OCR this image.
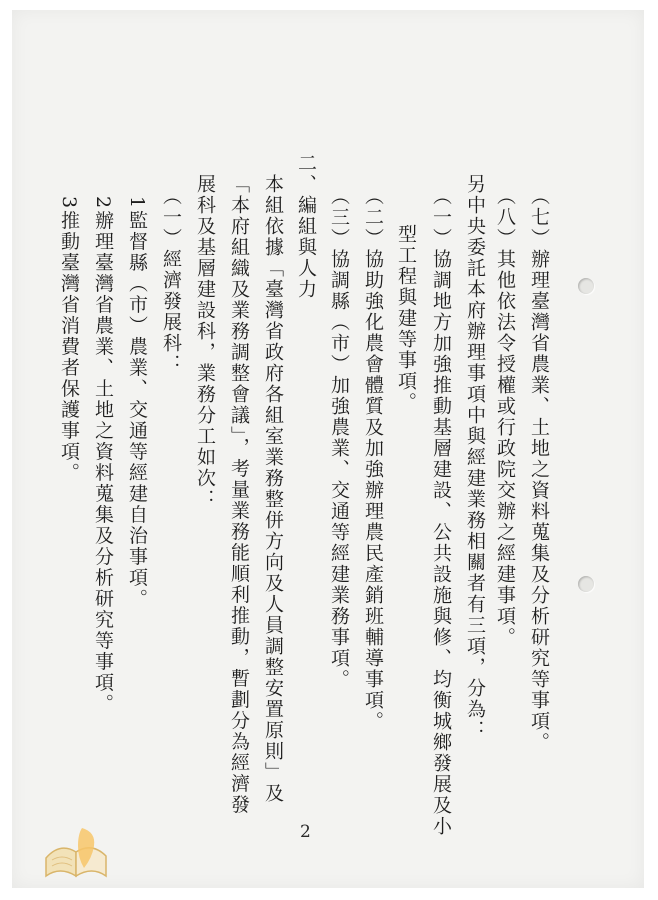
（七）辦理臺灣省農業、土地之資料蒐集及分析研究等事項。
（八）其他依法令授權或行政院交辦之經建事項。
另中央委託本府辦理事項中與經建業務相關者有三項，分為：
（一）協調地方加強推動基層建設、公共設施與修、均衡城鄉發展及小
型工程與建等事項。
（二）協助強化農會體質及加強辦理農民產銷班輔導事項。
（三）協調縣（市）加強農業、交通等經建業務事項。
二、編組與人力
本組依據「臺灣省政府各組室業務整併方向及人員調整安置原則」及
「本府組織及業務調整會議」，考量業務能順利推動，暫劃分為經濟發
展科及基層建設科，業務分工如次：
（一）經濟發展科：
1監督縣（市）農業、交通等經建自治事項。
2辦理臺灣省農業、土地之資料蒐集及分析研究等事項。
3推動臺灣省消費者保護事項。
2
